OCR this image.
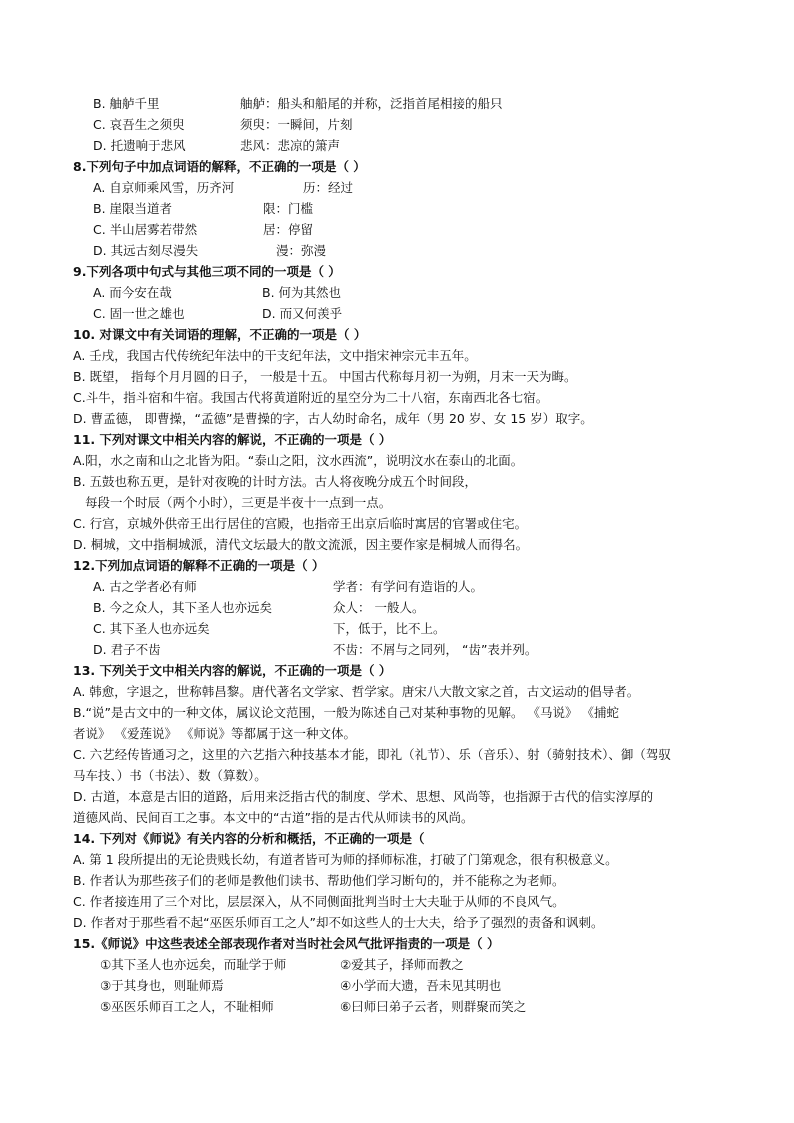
B. 舳舻千里	舳舻：船头和船尾的并称，泛指首尾相接的船只
C. 哀吾生之须臾	须臾：一瞬间，片刻
D. 托遗响于悲风	悲风：悲凉的箫声
8.下列句子中加点词语的解释，不正确的一项是（ ）
A. 自京师乘风雪，历齐河	历：经过
B. 崖限当道者	限：门槛
C. 半山居雾若带然	居：停留
D. 其远古刻尽漫失	漫：弥漫
9.下列各项中句式与其他三项不同的一项是（ ）
A. 而今安在哉	B. 何为其然也
C. 固一世之雄也	D. 而又何羡乎
10. 对课文中有关词语的理解，不正确的一项是（ ）
A. 壬戌，我国古代传统纪年法中的干支纪年法，文中指宋神宗元丰五年。
B. 既望， 指每个月月圆的日子， 一般是十五。 中国古代称每月初一为朔，月末一天为晦。
C.斗牛，指斗宿和牛宿。我国古代将黄道附近的星空分为二十八宿，东南西北各七宿。
D. 曹孟德， 即曹操，“孟德”是曹操的字，古人幼时命名，成年（男 20 岁、女 15 岁）取字。
11. 下列对课文中相关内容的解说，不正确的一项是（ ）
A.阳，水之南和山之北皆为阳。“泰山之阳，汶水西流”，说明汶水在泰山的北面。
B. 五鼓也称五更，是针对夜晚的计时方法。古人将夜晚分成五个时间段，
每段一个时辰（两个小时），三更是半夜十一点到一点。
C. 行宫，京城外供帝王出行居住的宫殿，也指帝王出京后临时寓居的官署或住宅。
D. 桐城，文中指桐城派，清代文坛最大的散文流派，因主要作家是桐城人而得名。
12.下列加点词语的解释不正确的一项是（ ）
A. 古之学者必有师	学者：有学问有造诣的人。
B. 今之众人，其下圣人也亦远矣	众人： 一般人。
C. 其下圣人也亦远矣	下，低于，比不上。
D. 君子不齿	不齿：不屑与之同列， “齿”表并列。
13. 下列关于文中相关内容的解说，不正确的一项是（ ）
A. 韩愈，字退之，世称韩昌黎。唐代著名文学家、哲学家。唐宋八大散文家之首，古文运动的倡导者。
B.“说”是古文中的一种文体，属议论文范围，一般为陈述自己对某种事物的见解。 《马说》 《捕蛇
者说》 《爱莲说》 《师说》等都属于这一种文体。
C. 六艺经传皆通习之，这里的六艺指六种技基本才能，即礼（礼节）、乐（音乐）、射（骑射技术）、御（驾驭
马车技、）书（书法）、数（算数）。
D. 古道，本意是古旧的道路，后用来泛指古代的制度、学术、思想、风尚等，也指源于古代的信实淳厚的
道德风尚、民间百工之事。本文中的“古道”指的是古代从师读书的风尚。
14. 下列对《师说》有关内容的分析和概括，不正确的一项是（
A. 第 1 段所提出的无论贵贱长幼，有道者皆可为师的择师标准，打破了门第观念，很有积极意义。
B. 作者认为那些孩子们的老师是教他们读书、帮助他们学习断句的，并不能称之为老师。
C. 作者接连用了三个对比，层层深入，从不同侧面批判当时士大夫耻于从师的不良风气。
D. 作者对于那些看不起“巫医乐师百工之人”却不如这些人的士大夫，给予了强烈的责备和讽刺。
15.《师说》中这些表述全部表现作者对当时社会风气批评指责的一项是（ ）
①其下圣人也亦远矣，而耻学于师	②爱其子，择师而教之
③于其身也，则耻师焉	④小学而大遗，吾未见其明也
⑤巫医乐师百工之人，不耻相师	⑥曰师曰弟子云者，则群聚而笑之
